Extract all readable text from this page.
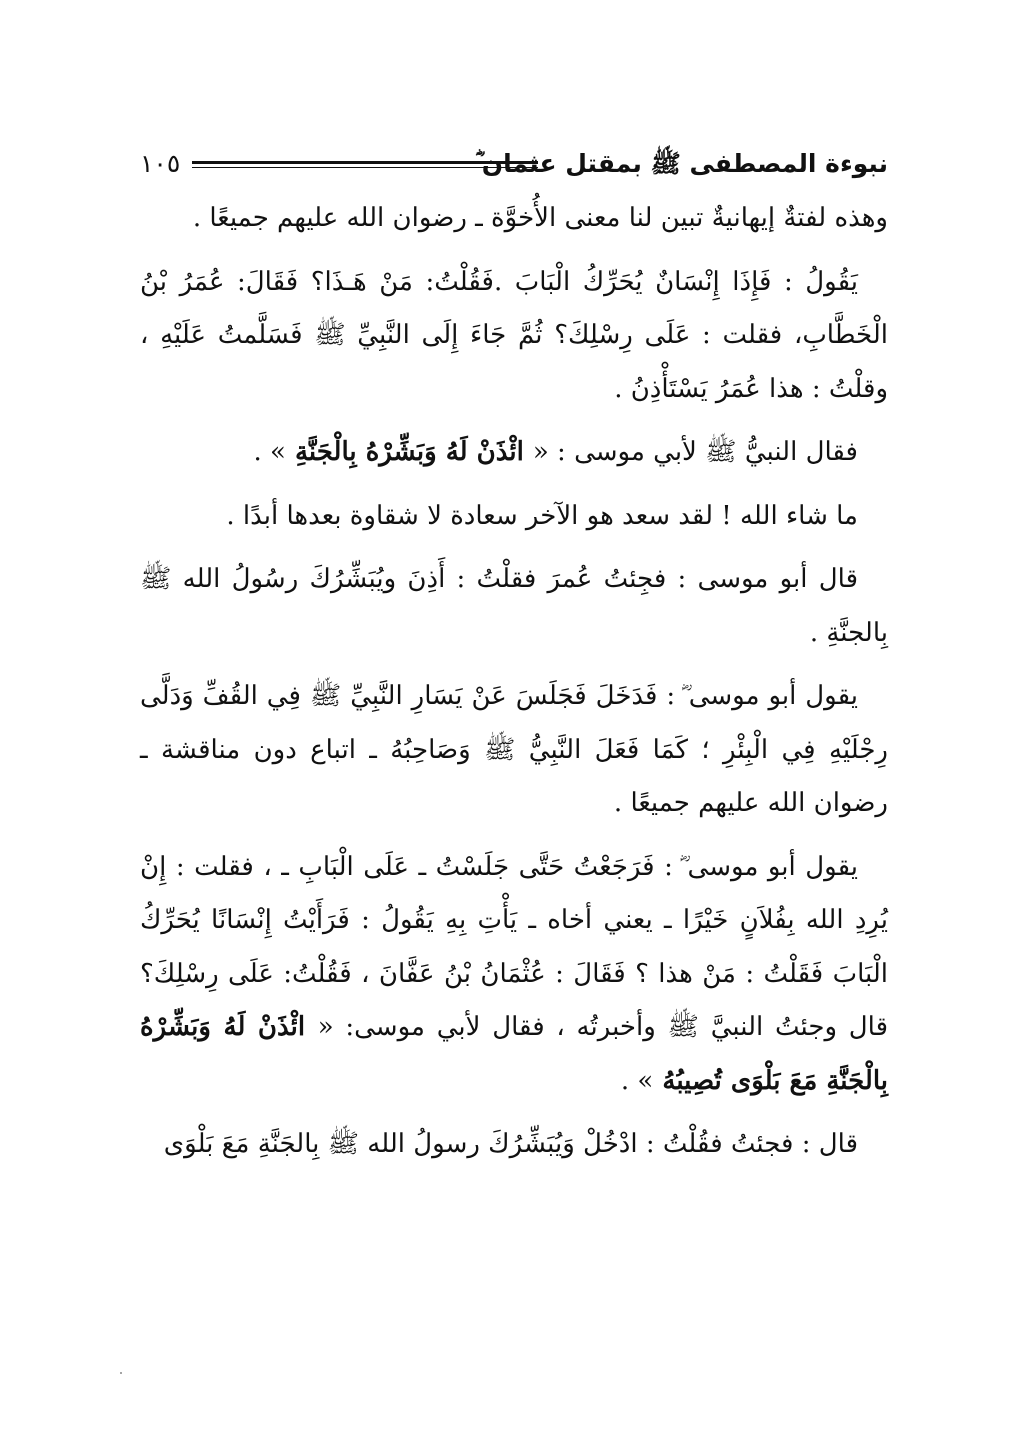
نبوءة المصطفى ﷺ بمقتل عثمان ؓ
١٠٥

وهذه لفتةٌ إيهانيةٌ تبين لنا معنى الأُخوَّة ـ رضوان الله عليهم جميعًا .

يَقُولُ : فَإِذَا إِنْسَانٌ يُحَرِّكُ الْبَابَ .فَقُلْتُ: مَنْ هَـذَا؟ فَقَالَ: عُمَرُ بْنُ الْخَطَّابِ، فقلت : عَلَى رِسْلِكَ؟ ثُمَّ جَاءَ إِلَى النَّبِيِّ ﷺ فَسَلَّمتُ عَلَيْهِ ، وقلْتُ : هذا عُمَرُ يَسْتَأْذِنُ .

فقال النبيُّ ﷺ لأبي موسى : « ائْذَنْ لَهُ وَبَشِّرْهُ بِالْجَنَّةِ » .

ما شاء الله ! لقد سعد هو الآخر سعادة لا شقاوة بعدها أبدًا .

قال أبو موسى : فجِئتُ عُمرَ فقلْتُ : أَذِنَ ويُبَشِّرُكَ رسُولُ الله ﷺ بِالجنَّةِ .

يقول أبو موسى ؓ : فَدَخَلَ فَجَلَسَ عَنْ يَسَارِ النَّبِيِّ ﷺ فِي القُفِّ وَدَلَّى رِجْلَيْهِ فِي الْبِئْرِ ؛ كَمَا فَعَلَ النَّبِيُّ ﷺ وَصَاحِبُهُ ـ اتباع دون مناقشة ـ رضوان الله عليهم جميعًا .

يقول أبو موسى ؓ : فَرَجَعْتُ حَتَّى جَلَسْتُ ـ عَلَى الْبَابِ ـ ، فقلت : إِنْ يُرِدِ الله بِفُلاَنٍ خَيْرًا ـ يعني أخاه ـ يَأْتِ بِهِ يَقُولُ : فَرَأَيْتُ إِنْسَانًا يُحَرِّكُ الْبَابَ فَقَلْتُ : مَنْ هذا ؟ فَقَالَ : عُثْمَانُ بْنُ عَفَّانَ ، فَقُلْتُ: عَلَى رِسْلِكَ؟ قال وجئتُ النبيَّ ﷺ وأخبرتُه ، فقال لأبي موسى: « ائْذَنْ لَهُ وَبَشِّرْهُ بِالْجَنَّةِ مَعَ بَلْوَى تُصِيبُهُ » .

قال : فجئتُ فقُلْتُ : ادْخُلْ وَيُبَشِّرُكَ رسولُ الله ﷺ بِالجَنَّةِ مَعَ بَلْوَى
